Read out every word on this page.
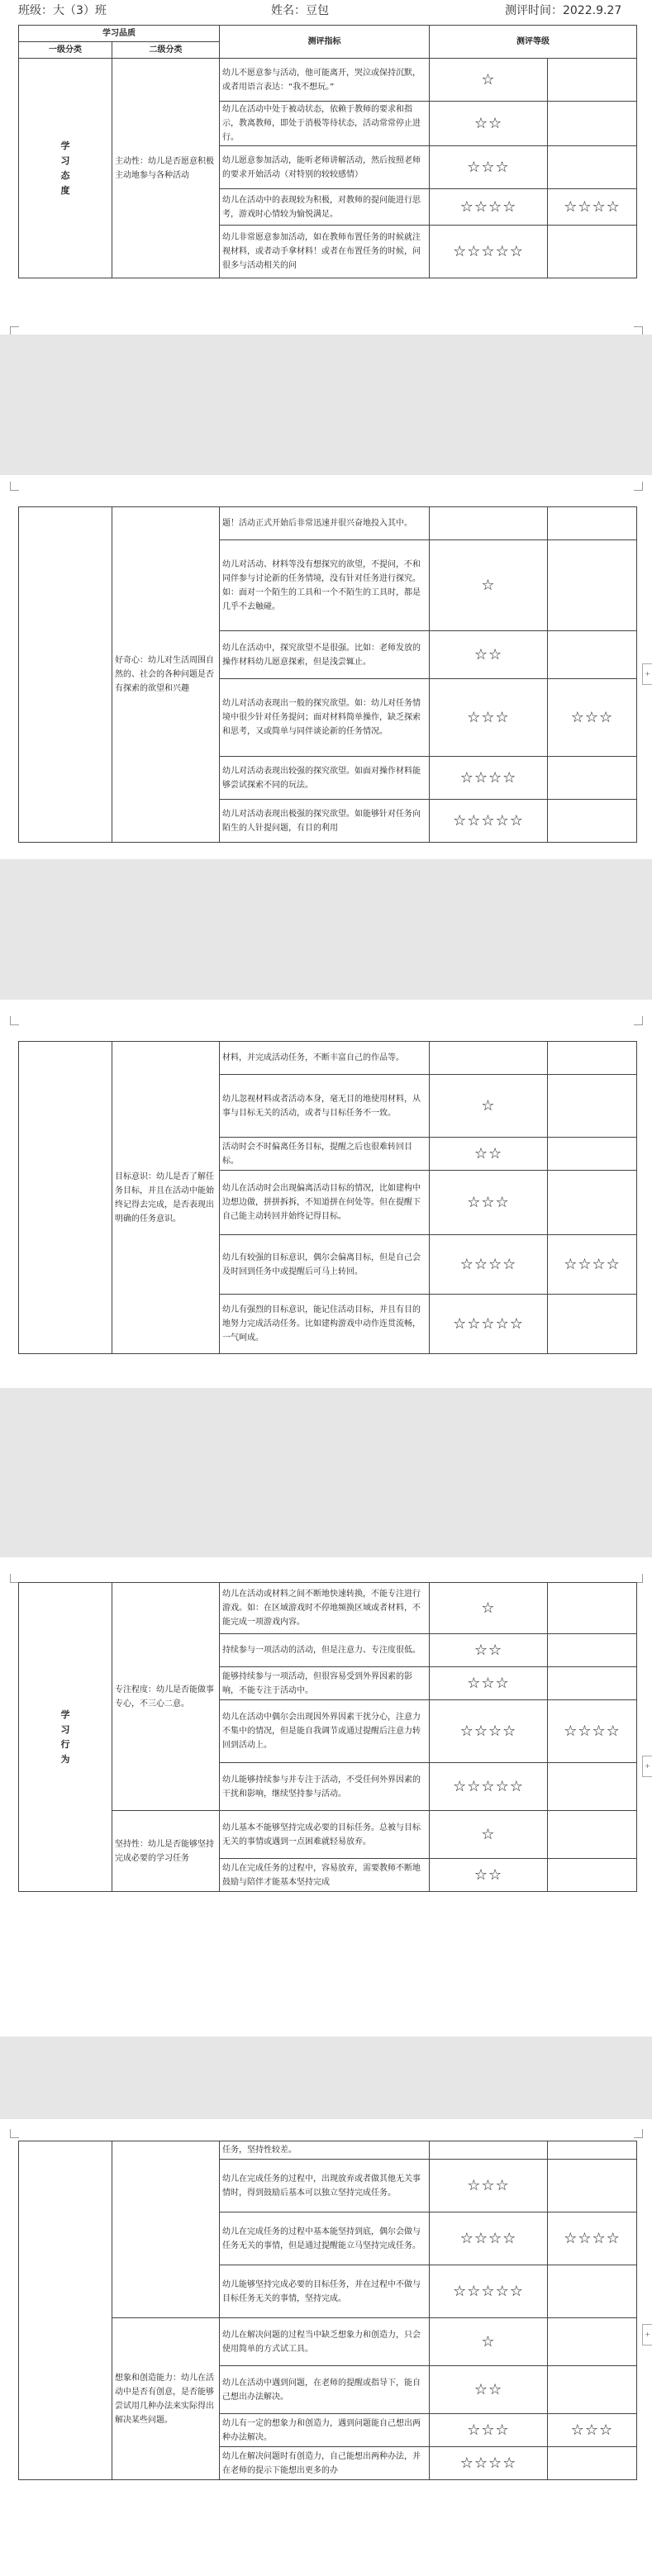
班级：大（3）班	姓名：豆包	测评时间：2022.9.27
学习品质		测评指标	测评等级	
一级分类	二级分类			

学习态度	主动性：幼儿是否愿意积极主动地参与各种活动	幼儿不愿意参与活动，他可能离开，哭泣或保持沉默，或者用语言表达：“我不想玩。”	☆	
		幼儿在活动中处于被动状态，依赖于教师的要求和指示，教离教师，即处于消极等待状态，活动常常停止进行。	☆☆	
		幼儿愿意参加活动，能听老师讲解活动，然后按照老师的要求开始活动（对特别的较较感情）	☆☆☆	
		幼儿在活动中的表现较为积极，对教师的提问能进行思考，游戏时心情较为愉悦满足。	☆☆☆☆	☆☆☆☆
		幼儿非常愿意参加活动，如在教师布置任务的时候就注视材料，或者动手拿材料！或者在布置任务的时候，问很多与活动相关的问	☆☆☆☆☆	
	好奇心：幼儿对生活周围自然的、社会的各种问题是否有探索的欲望和兴趣	题！活动正式开始后非常迅速并很兴奋地投入其中。		
		幼儿对活动、材料等没有想探究的欲望，不提问，不和同伴参与讨论新的任务情境，没有针对任务进行探究。如：面对一个陌生的工具和一个不陌生的工具时，都是几乎不去触碰。	☆	
		幼儿在活动中，探究欲望不是很强。比如：老师发放的操作材料幼儿愿意探索，但是浅尝辄止。	☆☆	
		幼儿对活动表现出一般的探究欲望。如：幼儿对任务情境中很少针对任务提问；面对材料简单操作，缺乏探索和思考，又或简单与同伴谈论新的任务情况。	☆☆☆	☆☆☆
		幼儿对活动表现出较强的探究欲望。如面对操作材料能够尝试探索不同的玩法。	☆☆☆☆	
		幼儿对活动表现出极强的探究欲望。如能够针对任务向陌生的人针提问题，有目的利用	☆☆☆☆☆	
+
	目标意识：幼儿是否了解任务目标，并且在活动中能始终记得去完成，是否表现出明确的任务意识。	材料，并完成活动任务，不断丰富自己的作品等。		
		幼儿忽视材料或者活动本身，毫无目的地使用材料，从事与目标无关的活动，或者与目标任务不一致。	☆	
		活动时会不时偏离任务目标，提醒之后也很难转回目标。	☆☆	
		幼儿在活动时会出现偏离活动目标的情况，比如建构中边想边做，拼拼拆拆，不知道拼在何处等。但在提醒下自己能主动转回并始终记得目标。	☆☆☆	
		幼儿有较强的目标意识，偶尔会偏离目标，但是自己会及时回到任务中或提醒后可马上转回。	☆☆☆☆	☆☆☆☆
		幼儿有强烈的目标意识，能记住活动目标，并且有目的地努力完成活动任务。比如建构游戏中动作连贯流畅，一气呵成。	☆☆☆☆☆	
学习行为	专注程度：幼儿是否能做事专心，不三心二意。	幼儿在活动或材料之间不断地快速转换，不能专注进行游戏。如：在区域游戏时不停地频换区域或者材料，不能完成一项游戏内容。	☆	
		持续参与一项活动的活动，但是注意力、专注度很低。	☆☆	
		能够持续参与一项活动，但很容易受到外界因素的影响，不能专注于活动中。	☆☆☆	
		幼儿在活动中偶尔会出现因外界因素干扰分心，注意力不集中的情况，但是能自我调节或通过提醒后注意力转回到活动上。	☆☆☆☆	☆☆☆☆
		幼儿能够持续参与并专注于活动，不受任何外界因素的干扰和影响，继续坚持参与活动。	☆☆☆☆☆	
	坚持性：幼儿是否能够坚持完成必要的学习任务	幼儿基本不能够坚持完成必要的目标任务。总被与目标无关的事情或遇到一点困难就轻易放弃。	☆	
		幼儿在完成任务的过程中，容易放弃，需要教师不断地鼓励与陪伴才能基本坚持完成	☆☆	
+
		任务，坚持性较差。		
		幼儿在完成任务的过程中，出现放弃或者做其他无关事情时，得到鼓励后基本可以独立坚持完成任务。	☆☆☆	
		幼儿在完成任务的过程中基本能坚持到底，偶尔会做与任务无关的事情，但是通过提醒能立马坚持完成任务。	☆☆☆☆	☆☆☆☆
		幼儿能够坚持完成必要的目标任务，并在过程中不做与目标任务无关的事情，坚持完成。	☆☆☆☆☆	
	想象和创造能力：幼儿在活动中是否有创意，是否能够尝试用几种办法来实际得出解决某些问题。	幼儿在解决问题的过程当中缺乏想象力和创造力，只会使用简单的方式试工具。	☆	
		幼儿在活动中遇到问题，在老师的提醒或指导下，能自己想出办法解决。	☆☆	
		幼儿有一定的想象力和创造力，遇到问题能自己想出两种办法解决。	☆☆☆	☆☆☆
		幼儿在解决问题时有创造力，自己能想出两种办法，并在老师的提示下能想出更多的办	☆☆☆☆	
+
